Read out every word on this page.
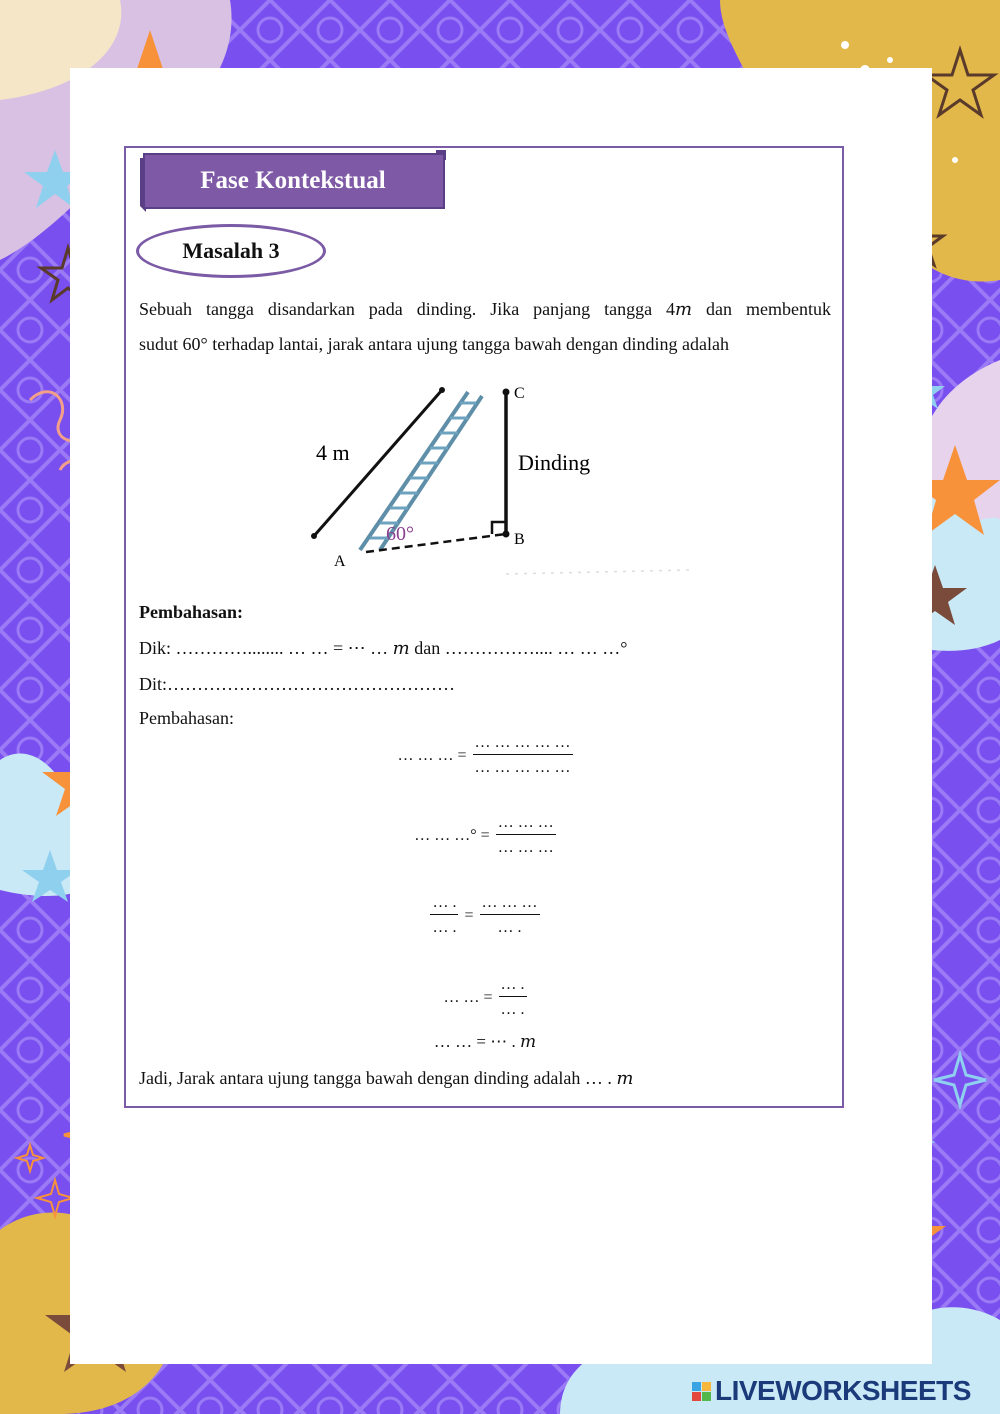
Fase Kontekstual
Masalah 3
Sebuah tangga disandarkan pada dinding. Jika panjang tangga 4𝑚 dan membentuk
sudut 60° terhadap lantai, jarak antara ujung tangga bawah dengan dinding adalah
4 m	Dinding
60°
A
B
C
Pembahasan:
Dik: …………........ … … = ⋯ … 𝑚 dan …………….... … … …°
Dit:…………………………………………
Pembahasan:
… … … = $\frac{\dots \dots \dots \dots \dots}{\dots \dots \dots \dots \dots}$
… … …° = $\frac{\dots \dots \dots}{\dots \dots \dots}$
$\frac{\dots .}{\dots .} = \frac{\dots \dots \dots}{\dots .}$
… … = $\frac{\dots .}{\dots .}$
… … = ⋯ . 𝑚
Jadi, Jarak antara ujung tangga bawah dengan dinding adalah … . 𝑚
LIVEWORKSHEETS
